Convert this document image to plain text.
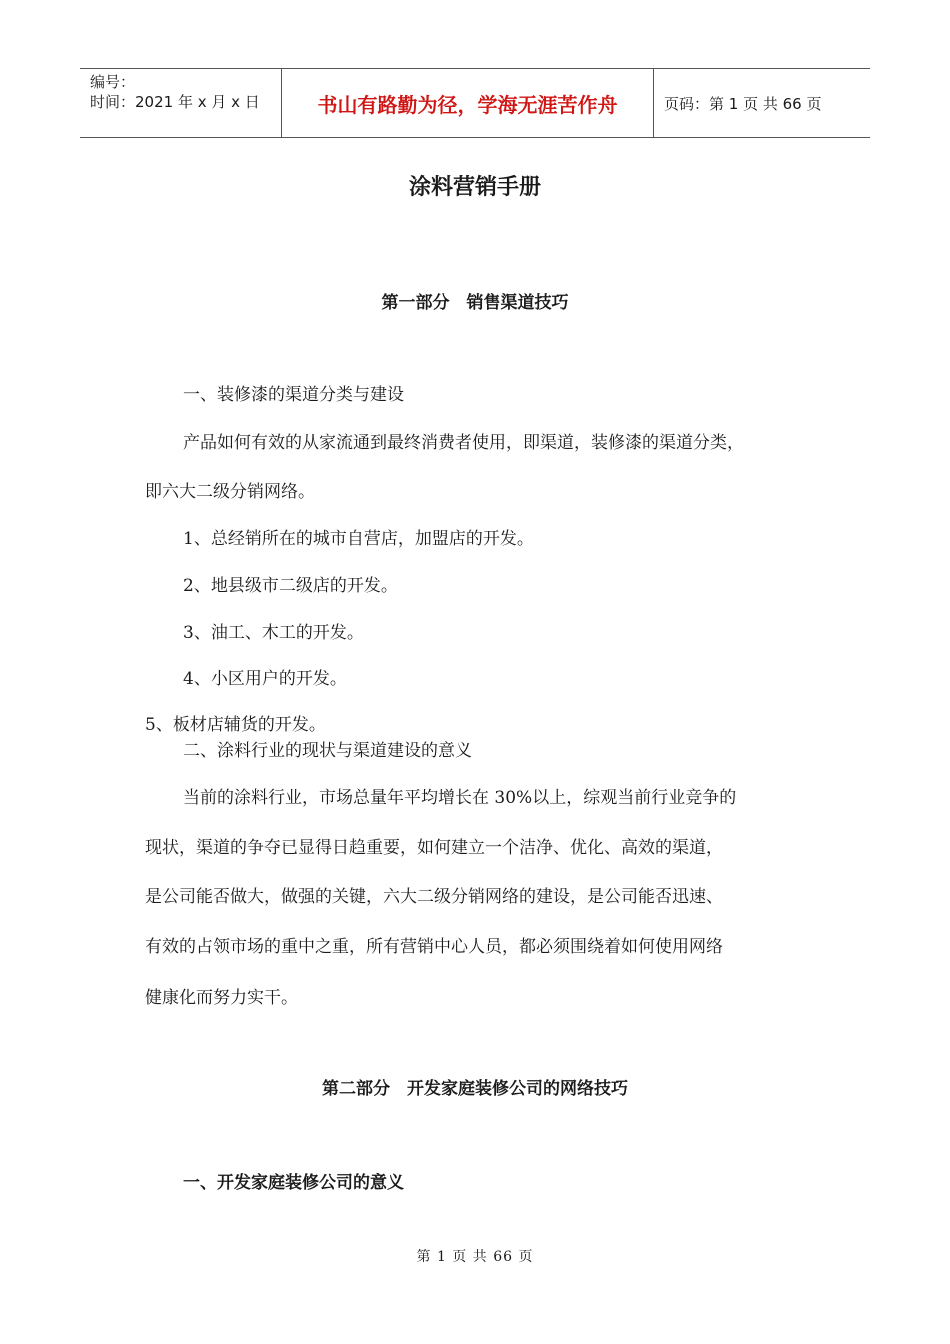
编号：
时间：2021 年 x 月 x 日	书山有路勤为径，学海无涯苦作舟	页码：第 1 页 共 66 页
涂料营销手册
第一部分　销售渠道技巧
一、装修漆的渠道分类与建设
产品如何有效的从家流通到最终消费者使用，即渠道，装修漆的渠道分类，
即六大二级分销网络。
1、总经销所在的城市自营店，加盟店的开发。
2、地县级市二级店的开发。
3、油工、木工的开发。
4、小区用户的开发。
5、板材店辅货的开发。
二、涂料行业的现状与渠道建设的意义
当前的涂料行业，市场总量年平均增长在 30%以上，综观当前行业竞争的
现状，渠道的争夺已显得日趋重要，如何建立一个洁净、优化、高效的渠道，
是公司能否做大，做强的关键，六大二级分销网络的建设，是公司能否迅速、
有效的占领市场的重中之重，所有营销中心人员，都必须围绕着如何使用网络
健康化而努力实干。
第二部分　开发家庭装修公司的网络技巧
一、开发家庭装修公司的意义
第 1 页 共 66 页
